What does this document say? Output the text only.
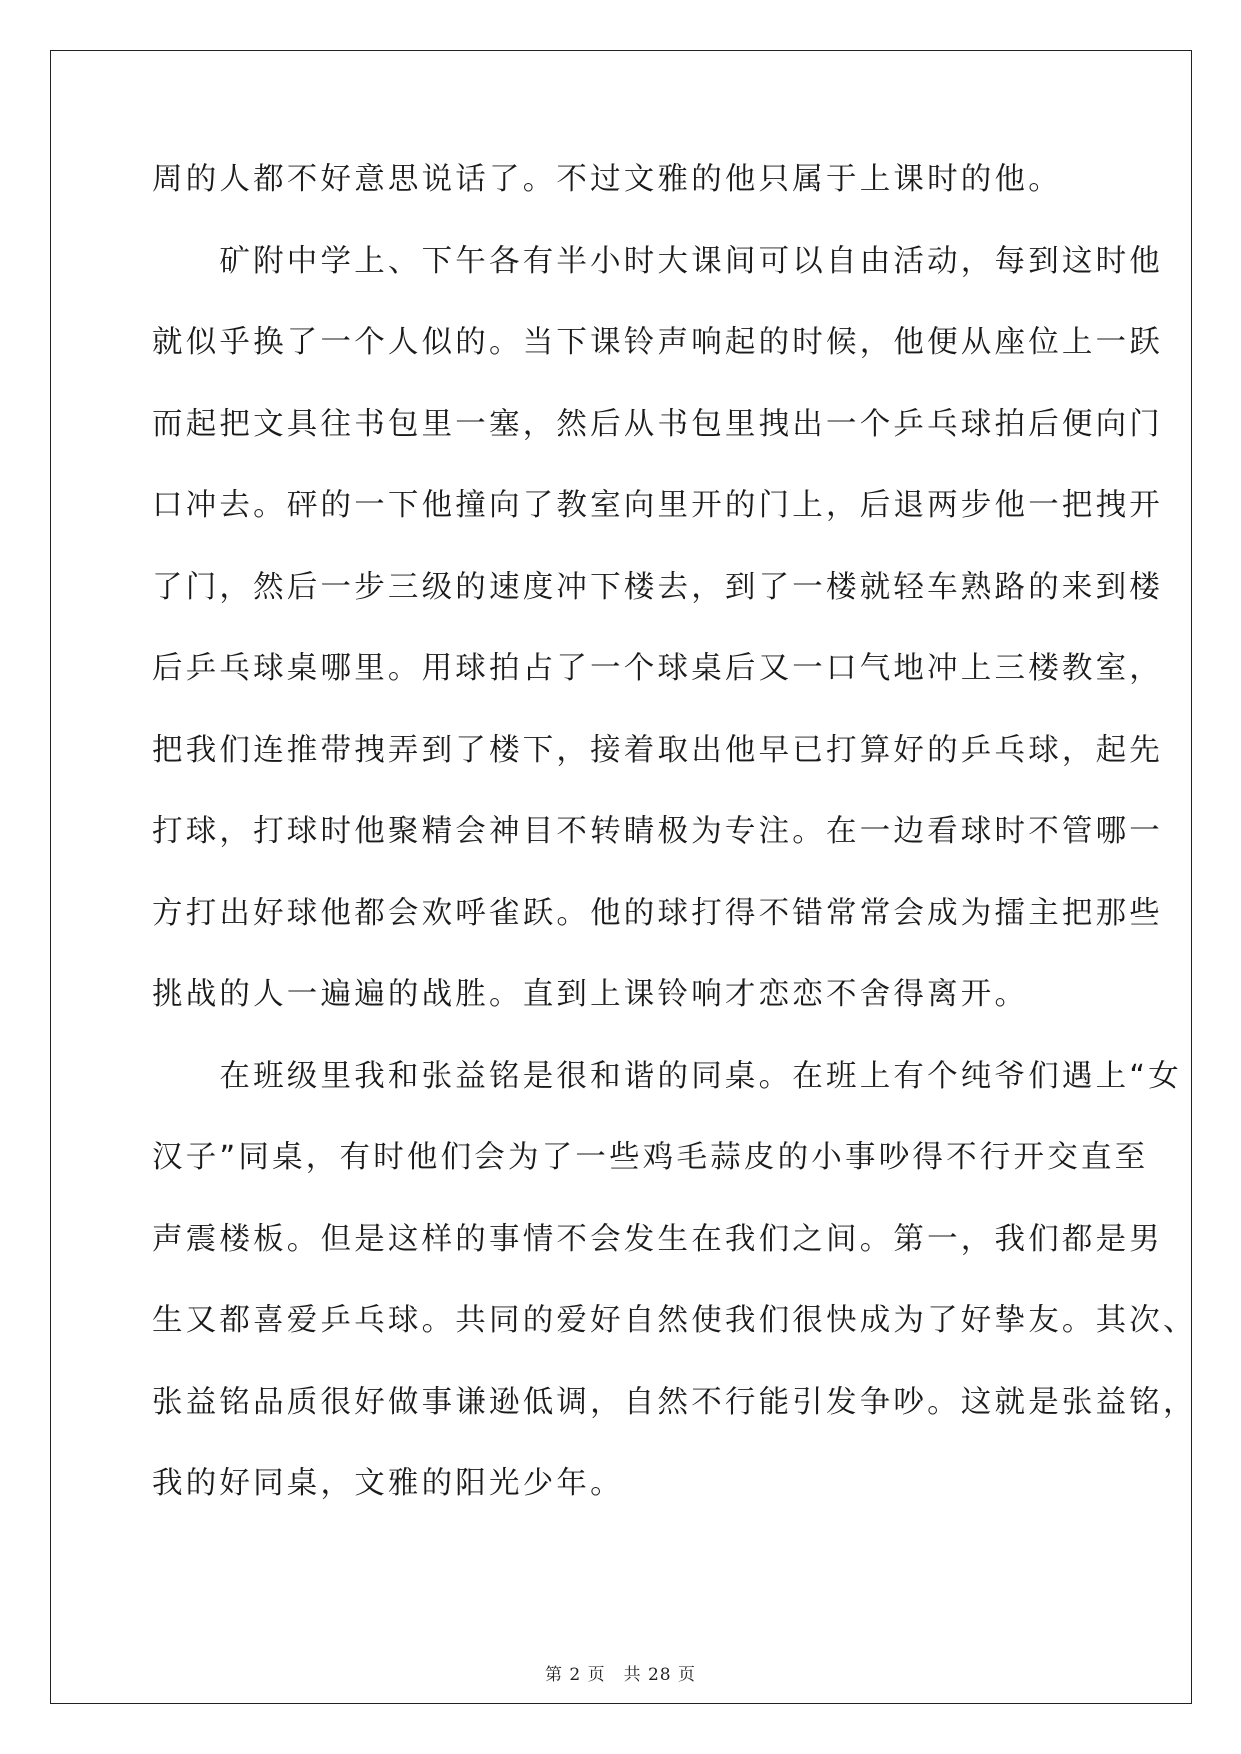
周的人都不好意思说话了。不过文雅的他只属于上课时的他。
　　矿附中学上、下午各有半小时大课间可以自由活动，每到这时他
就似乎换了一个人似的。当下课铃声响起的时候，他便从座位上一跃
而起把文具往书包里一塞，然后从书包里拽出一个乒乓球拍后便向门
口冲去。砰的一下他撞向了教室向里开的门上，后退两步他一把拽开
了门，然后一步三级的速度冲下楼去，到了一楼就轻车熟路的来到楼
后乒乓球桌哪里。用球拍占了一个球桌后又一口气地冲上三楼教室，
把我们连推带拽弄到了楼下，接着取出他早已打算好的乒乓球，起先
打球，打球时他聚精会神目不转睛极为专注。在一边看球时不管哪一
方打出好球他都会欢呼雀跃。他的球打得不错常常会成为擂主把那些
挑战的人一遍遍的战胜。直到上课铃响才恋恋不舍得离开。
　　在班级里我和张益铭是很和谐的同桌。在班上有个纯爷们遇上“女
汉子”同桌，有时他们会为了一些鸡毛蒜皮的小事吵得不行开交直至
声震楼板。但是这样的事情不会发生在我们之间。第一，我们都是男
生又都喜爱乒乓球。共同的爱好自然使我们很快成为了好挚友。其次、
张益铭品质很好做事谦逊低调，自然不行能引发争吵。这就是张益铭，
我的好同桌，文雅的阳光少年。
第 2 页　共 28 页
